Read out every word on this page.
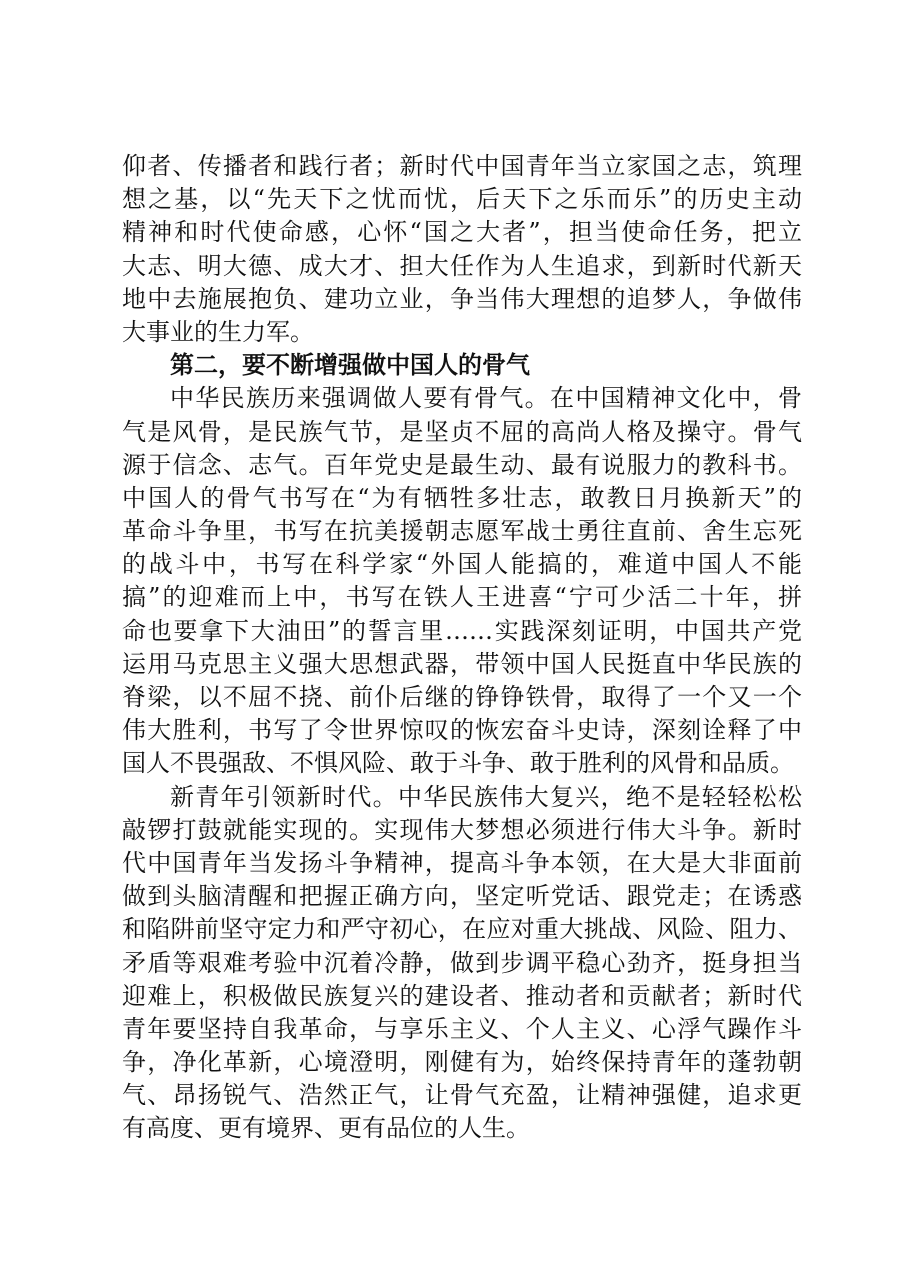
仰者、传播者和践行者；新时代中国青年当立家国之志，筑理
想之基，以“先天下之忧而忧，后天下之乐而乐”的历史主动
精神和时代使命感，心怀“国之大者”，担当使命任务，把立
大志、明大德、成大才、担大任作为人生追求，到新时代新天
地中去施展抱负、建功立业，争当伟大理想的追梦人，争做伟
大事业的生力军。
第二，要不断增强做中国人的骨气
中华民族历来强调做人要有骨气。在中国精神文化中，骨
气是风骨，是民族气节，是坚贞不屈的高尚人格及操守。骨气
源于信念、志气。百年党史是最生动、最有说服力的教科书。
中国人的骨气书写在“为有牺牲多壮志，敢教日月换新天”的
革命斗争里，书写在抗美援朝志愿军战士勇往直前、舍生忘死
的战斗中，书写在科学家“外国人能搞的，难道中国人不能
搞”的迎难而上中，书写在铁人王进喜“宁可少活二十年，拼
命也要拿下大油田”的誓言里……实践深刻证明，中国共产党
运用马克思主义强大思想武器，带领中国人民挺直中华民族的
脊梁，以不屈不挠、前仆后继的铮铮铁骨，取得了一个又一个
伟大胜利，书写了令世界惊叹的恢宏奋斗史诗，深刻诠释了中
国人不畏强敌、不惧风险、敢于斗争、敢于胜利的风骨和品质。
新青年引领新时代。中华民族伟大复兴，绝不是轻轻松松
敲锣打鼓就能实现的。实现伟大梦想必须进行伟大斗争。新时
代中国青年当发扬斗争精神，提高斗争本领，在大是大非面前
做到头脑清醒和把握正确方向，坚定听党话、跟党走；在诱惑
和陷阱前坚守定力和严守初心，在应对重大挑战、风险、阻力、
矛盾等艰难考验中沉着冷静，做到步调平稳心劲齐，挺身担当
迎难上，积极做民族复兴的建设者、推动者和贡献者；新时代
青年要坚持自我革命，与享乐主义、个人主义、心浮气躁作斗
争，净化革新，心境澄明，刚健有为，始终保持青年的蓬勃朝
气、昂扬锐气、浩然正气，让骨气充盈，让精神强健，追求更
有高度、更有境界、更有品位的人生。
